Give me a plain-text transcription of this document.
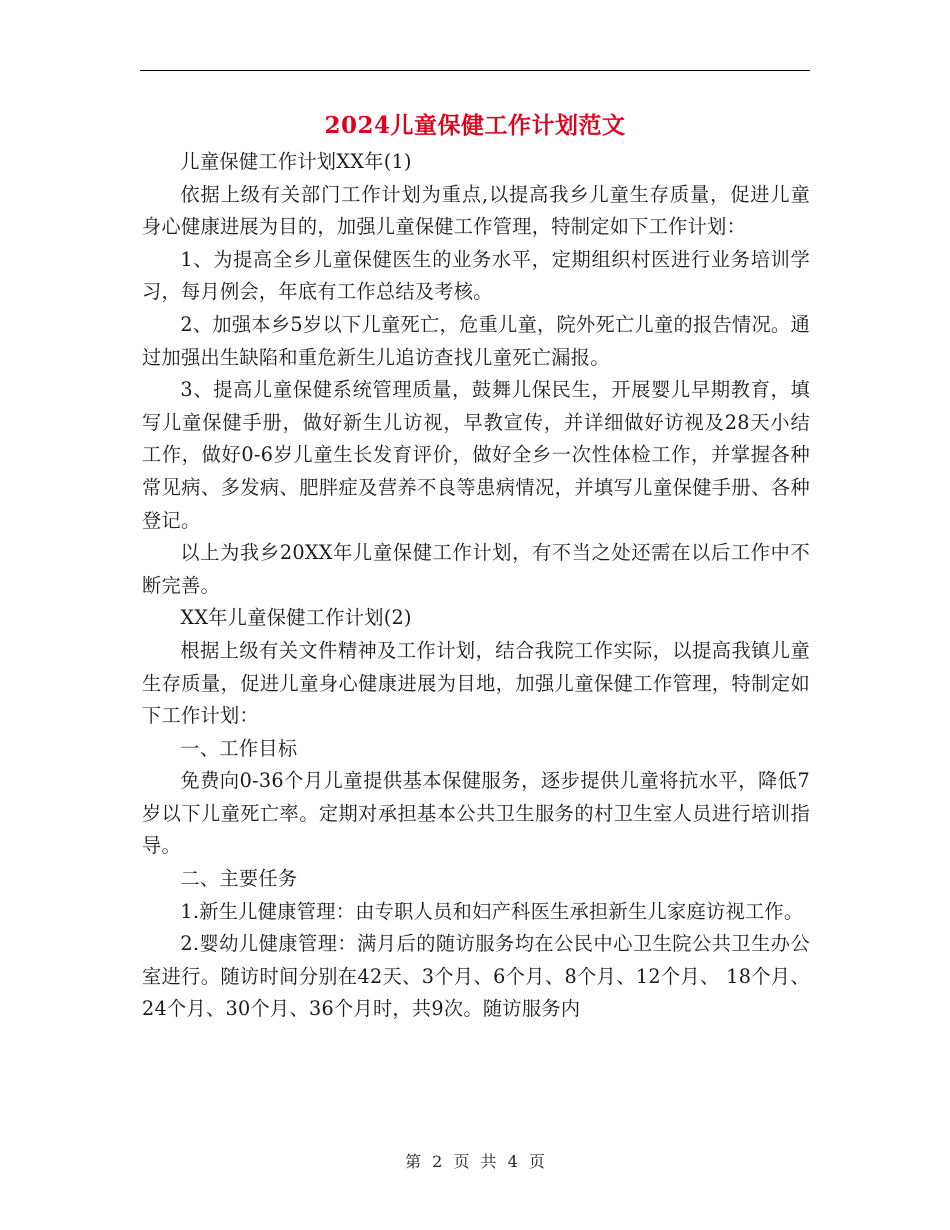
2024儿童保健工作计划范文

儿童保健工作计划XX年(1)

依据上级有关部门工作计划为重点,以提高我乡儿童生存质量，促进儿童身心健康进展为目的，加强儿童保健工作管理，特制定如下工作计划：

1、为提高全乡儿童保健医生的业务水平，定期组织村医进行业务培训学习，每月例会，年底有工作总结及考核。

2、加强本乡5岁以下儿童死亡，危重儿童，院外死亡儿童的报告情况。通过加强出生缺陷和重危新生儿追访查找儿童死亡漏报。

3、提高儿童保健系统管理质量，鼓舞儿保民生，开展婴儿早期教育，填写儿童保健手册，做好新生儿访视，早教宣传，并详细做好访视及28天小结工作，做好0-6岁儿童生长发育评价，做好全乡一次性体检工作，并掌握各种常见病、多发病、肥胖症及营养不良等患病情况，并填写儿童保健手册、各种登记。

以上为我乡20XX年儿童保健工作计划，有不当之处还需在以后工作中不断完善。

XX年儿童保健工作计划(2)

根据上级有关文件精神及工作计划，结合我院工作实际，以提高我镇儿童生存质量，促进儿童身心健康进展为目地，加强儿童保健工作管理，特制定如下工作计划：

一、工作目标

免费向0-36个月儿童提供基本保健服务，逐步提供儿童将抗水平，降低7岁以下儿童死亡率。定期对承担基本公共卫生服务的村卫生室人员进行培训指导。

二、主要任务

1.新生儿健康管理：由专职人员和妇产科医生承担新生儿家庭访视工作。

2.婴幼儿健康管理：满月后的随访服务均在公民中心卫生院公共卫生办公室进行。随访时间分别在42天、3个月、6个月、8个月、12个月、 18个月、24个月、30个月、36个月时，共9次。随访服务内

第 2 页 共 4 页
